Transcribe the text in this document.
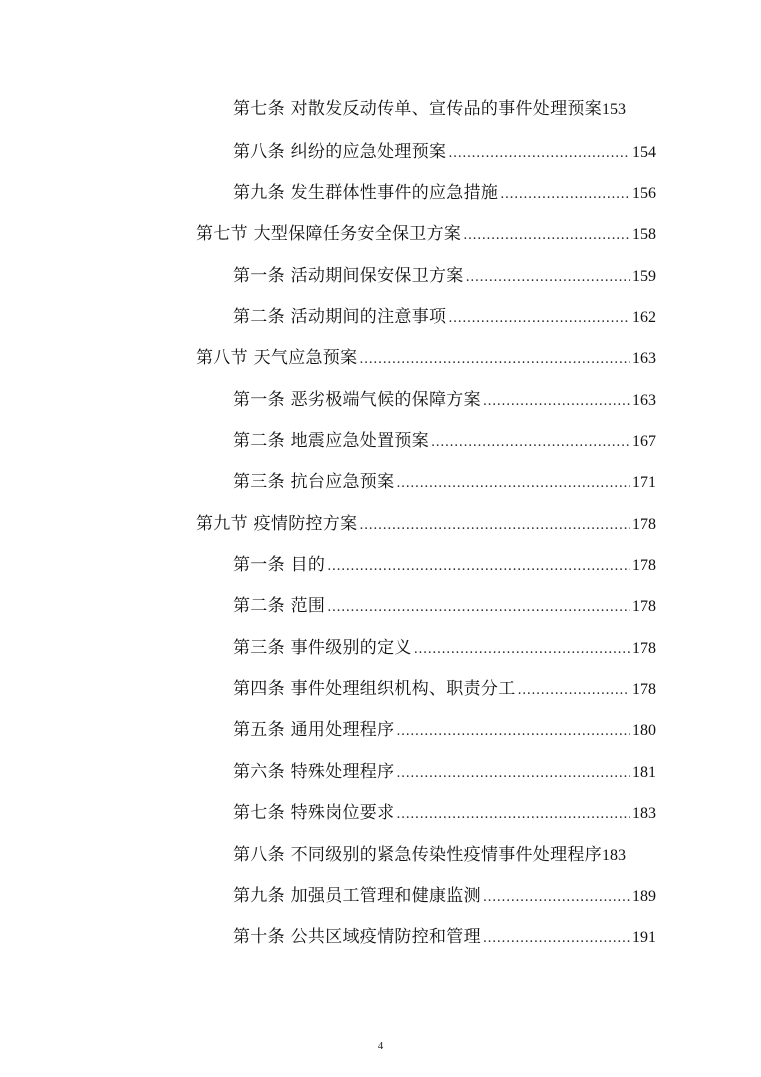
第七条 对散发反动传单、宣传品的事件处理预案 153
第八条 纠纷的应急处理预案 .....	154
第九条 发生群体性事件的应急措施 .....	156
第七节 大型保障任务安全保卫方案 .....	158
第一条 活动期间保安保卫方案 .....	159
第二条 活动期间的注意事项 .....	162
第八节 天气应急预案 .....	163
第一条 恶劣极端气候的保障方案 .....	163
第二条 地震应急处置预案 .....	167
第三条 抗台应急预案 .....	171
第九节 疫情防控方案 .....	178
第一条 目的 .....	178
第二条 范围 .....	178
第三条 事件级别的定义 .....	178
第四条 事件处理组织机构、职责分工 .....	178
第五条 通用处理程序 .....	180
第六条 特殊处理程序 .....	181
第七条 特殊岗位要求 .....	183
第八条 不同级别的紧急传染性疫情事件处理程序 183
第九条 加强员工管理和健康监测 .....	189
第十条 公共区域疫情防控和管理 .....	191
4
